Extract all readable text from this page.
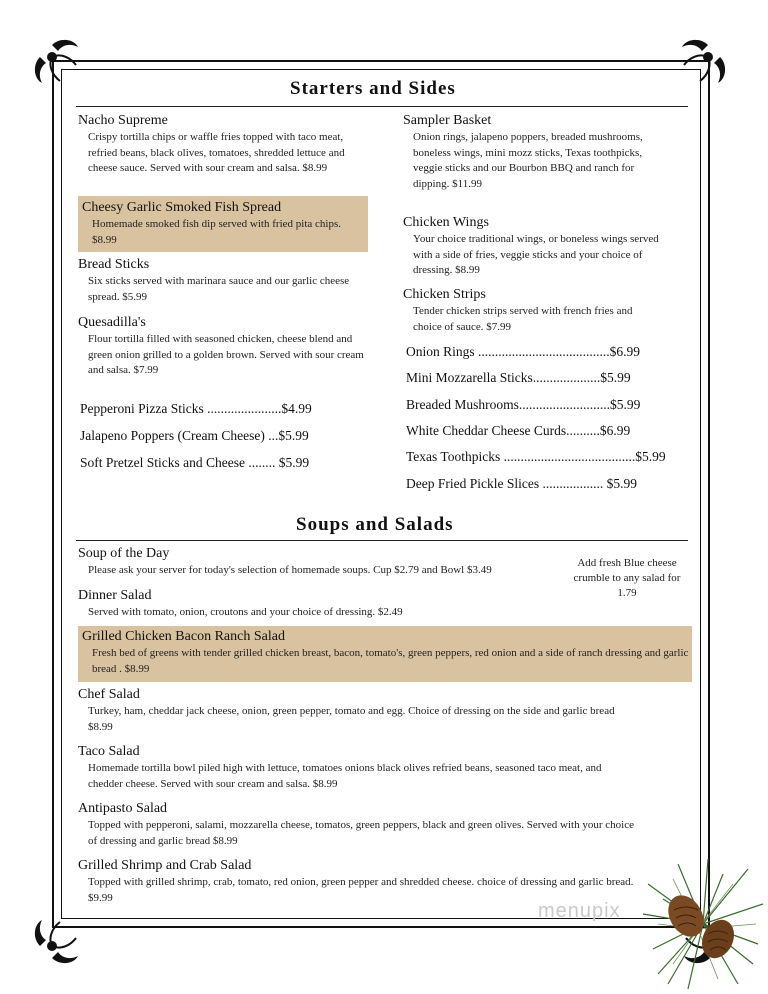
Starters and Sides
Nacho Supreme
Crispy tortilla chips or waffle fries topped with taco meat, refried beans, black olives, tomatoes, shredded lettuce and cheese sauce. Served with sour cream and salsa. $8.99
Cheesy Garlic Smoked Fish Spread
Homemade smoked fish dip served with fried pita chips. $8.99
Bread Sticks
Six sticks served with marinara sauce and our garlic cheese spread. $5.99
Quesadilla's
Flour tortilla filled with seasoned chicken, cheese blend and green onion grilled to a golden brown. Served with sour cream and salsa. $7.99
Pepperoni Pizza Sticks ......................$4.99
Jalapeno Poppers (Cream Cheese) ...$5.99
Soft Pretzel Sticks and Cheese ........ $5.99
Sampler Basket
Onion rings, jalapeno poppers, breaded mushrooms, boneless wings, mini mozz sticks, Texas toothpicks, veggie sticks and our Bourbon BBQ and ranch for dipping. $11.99
Chicken Wings
Your choice traditional wings, or boneless wings served with a side of fries, veggie sticks and your choice of dressing. $8.99
Chicken Strips
Tender chicken strips served with french fries and choice of sauce. $7.99
Onion Rings .......................................$6.99
Mini Mozzarella Sticks....................$5.99
Breaded Mushrooms...........................$5.99
White Cheddar Cheese Curds..........$6.99
Texas Toothpicks .......................................$5.99
Deep Fried Pickle Slices .................. $5.99
Soups and Salads
Add fresh Blue cheese crumble to any salad for 1.79
Soup of the Day
Please ask your server for today's selection of homemade soups. Cup $2.79 and Bowl $3.49
Dinner Salad
Served with tomato, onion, croutons and your choice of dressing. $2.49
Grilled Chicken Bacon Ranch Salad
Fresh bed of greens with tender grilled chicken breast, bacon, tomato's, green peppers, red onion and a side of ranch dressing and garlic bread . $8.99
Chef Salad
Turkey, ham, cheddar jack cheese, onion, green pepper, tomato and egg. Choice of dressing on the side and garlic bread $8.99
Taco Salad
Homemade tortilla bowl piled high with lettuce, tomatoes onions black olives refried beans, seasoned taco meat, and chedder cheese. Served with sour cream and salsa. $8.99
Antipasto Salad
Topped with pepperoni, salami, mozzarella cheese, tomatos, green peppers, black and green olives. Served with your choice of dressing and garlic bread $8.99
Grilled Shrimp and Crab Salad
Topped with grilled shrimp, crab, tomato, red onion, green pepper and shredded cheese. choice of dressing and garlic bread. $9.99
menupix
